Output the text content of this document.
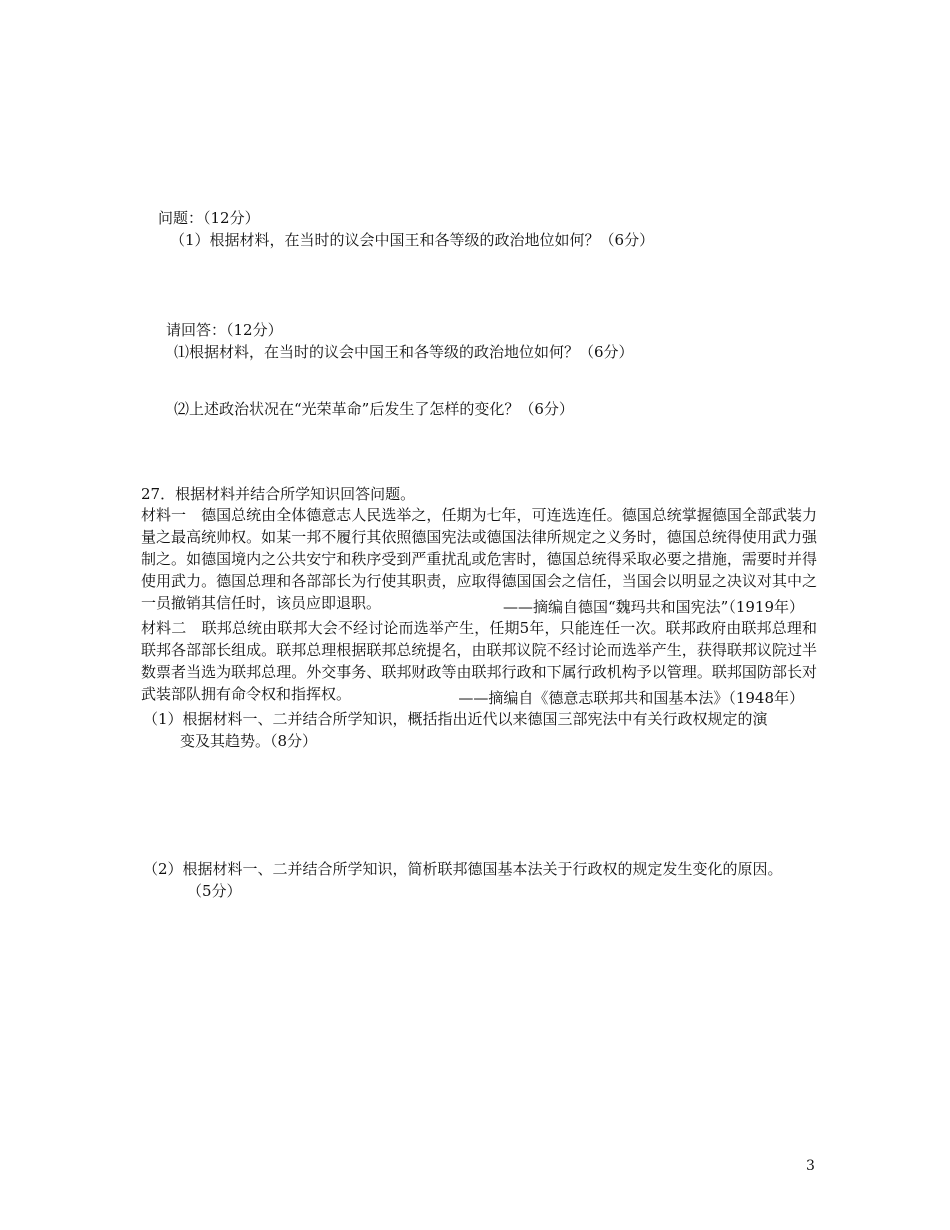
问题：（12分）
（1）根据材料，在当时的议会中国王和各等级的政治地位如何？（6分）
请回答：（12分）
⑴根据材料，在当时的议会中国王和各等级的政治地位如何？（6分）
⑵上述政治状况在“光荣革命”后发生了怎样的变化？（6分）
27．根据材料并结合所学知识回答问题。
材料一　德国总统由全体德意志人民选举之，任期为七年，可连选连任。德国总统掌握德国全部武装力量之最高统帅权。如某一邦不履行其依照德国宪法或德国法律所规定之义务时，德国总统得使用武力强制之。如德国境内之公共安宁和秩序受到严重扰乱或危害时，德国总统得采取必要之措施，需要时并得使用武力。德国总理和各部部长为行使其职责，应取得德国国会之信任，当国会以明显之决议对其中之一员撤销其信任时，该员应即退职。	——摘编自德国“魏玛共和国宪法”（1919年）
材料二　联邦总统由联邦大会不经讨论而选举产生，任期5年，只能连任一次。联邦政府由联邦总理和联邦各部部长组成。联邦总理根据联邦总统提名，由联邦议院不经讨论而选举产生，获得联邦议院过半数票者当选为联邦总理。外交事务、联邦财政等由联邦行政和下属行政机构予以管理。联邦国防部长对武装部队拥有命令权和指挥权。	——摘编自《德意志联邦共和国基本法》（1948年）
（1）根据材料一、二并结合所学知识，概括指出近代以来德国三部宪法中有关行政权规定的演
变及其趋势。（8分）
（2）根据材料一、二并结合所学知识，简析联邦德国基本法关于行政权的规定发生变化的原因。
（5分）
3
